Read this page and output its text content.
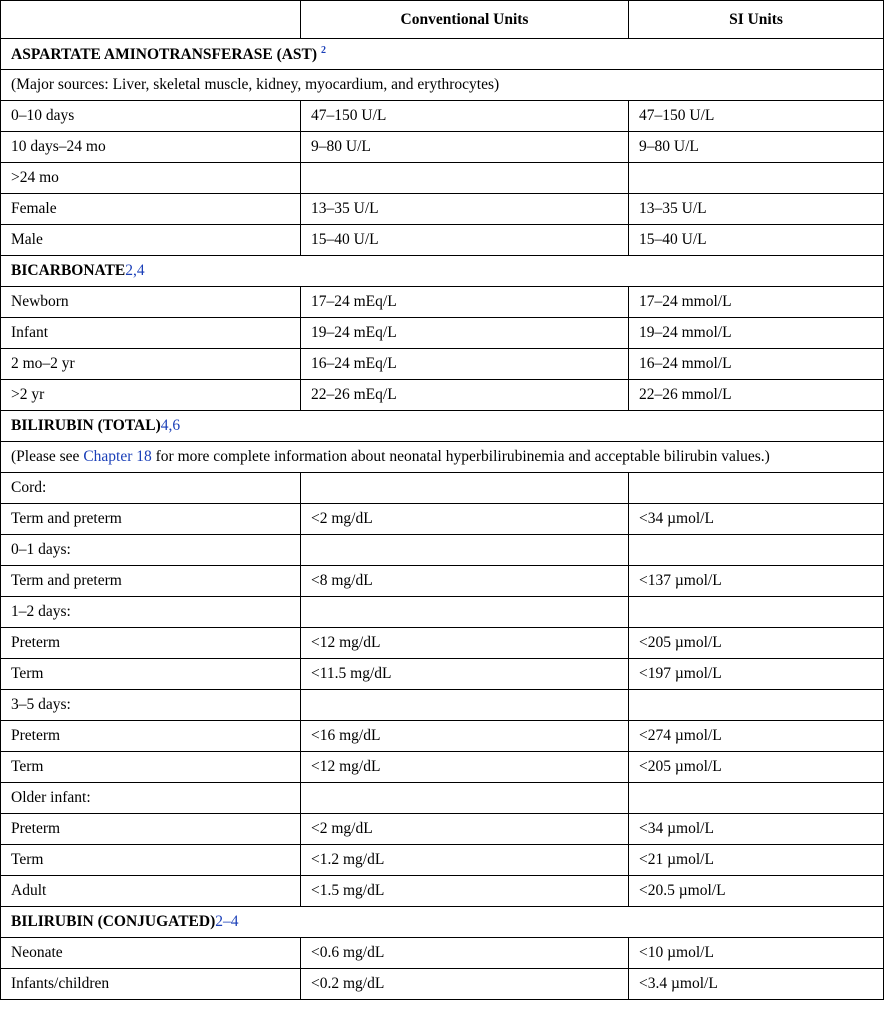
	Conventional Units	SI Units
ASPARTATE AMINOTRANSFERASE (AST) $^2$
(Major sources: Liver, skeletal muscle, kidney, myocardium, and erythrocytes)		
0–10 days	47–150 U/L	47–150 U/L
10 days–24 mo	9–80 U/L	9–80 U/L
>24 mo		
Female	13–35 U/L	13–35 U/L
Male	15–40 U/L	15–40 U/L
BICARBONATE2,4		
Newborn	17–24 mEq/L	17–24 mmol/L
Infant	19–24 mEq/L	19–24 mmol/L
2 mo–2 yr	16–24 mEq/L	16–24 mmol/L
>2 yr	22–26 mEq/L	22–26 mmol/L
BILIRUBIN (TOTAL)4,6		
(Please see Chapter 18 for more complete information about neonatal hyperbilirubinemia and acceptable bilirubin values.)		
Cord:		
Term and preterm	<2 mg/dL	<34 µmol/L
0–1 days:		
Term and preterm	<8 mg/dL	<137 µmol/L
1–2 days:		
Preterm	<12 mg/dL	<205 µmol/L
Term	<11.5 mg/dL	<197 µmol/L
3–5 days:		
Preterm	<16 mg/dL	<274 µmol/L
Term	<12 mg/dL	<205 µmol/L
Older infant:		
Preterm	<2 mg/dL	<34 µmol/L
Term	<1.2 mg/dL	<21 µmol/L
Adult	<1.5 mg/dL	<20.5 µmol/L
BILIRUBIN (CONJUGATED)2–4		
Neonate	<0.6 mg/dL	<10 µmol/L
Infants/children	<0.2 mg/dL	<3.4 µmol/L
